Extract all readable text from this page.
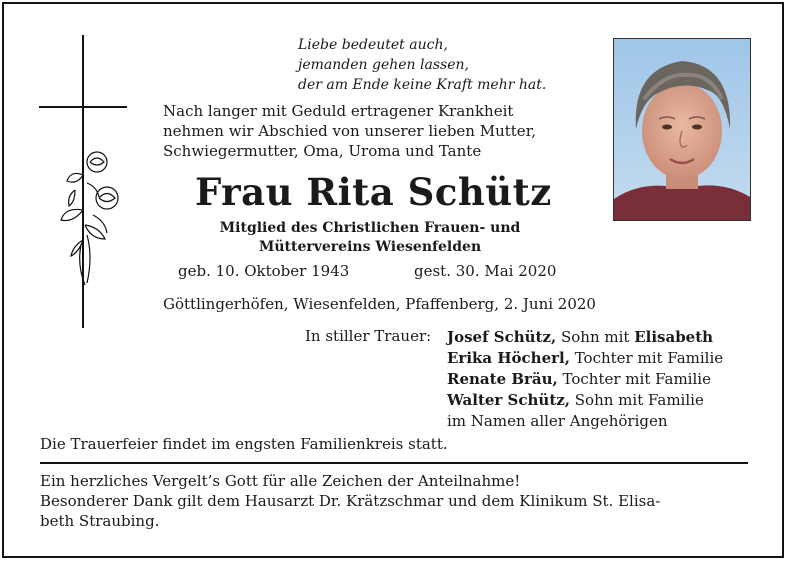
Liebe bedeutet auch,
jemanden gehen lassen,
der am Ende keine Kraft mehr hat.
Nach langer mit Geduld ertragener Krankheit
nehmen wir Abschied von unserer lieben Mutter,
Schwiegermutter, Oma, Uroma und Tante
Frau Rita Schütz
Mitglied des Christlichen Frauen- und
Müttervereins Wiesenfelden
geb. 10. Oktober 1943	gest. 30. Mai 2020
Göttlingerhöfen, Wiesenfelden, Pfaffenberg, 2. Juni 2020
In stiller Trauer: Josef Schütz, Sohn mit Elisabeth
Erika Höcherl, Tochter mit Familie
Renate Bräu, Tochter mit Familie
Walter Schütz, Sohn mit Familie
im Namen aller Angehörigen
Die Trauerfeier findet im engsten Familienkreis statt.
Ein herzliches Vergelt’s Gott für alle Zeichen der Anteilnahme!
Besonderer Dank gilt dem Hausarzt Dr. Krätzschmar und dem Klinikum St. Elisa-
beth Straubing.
